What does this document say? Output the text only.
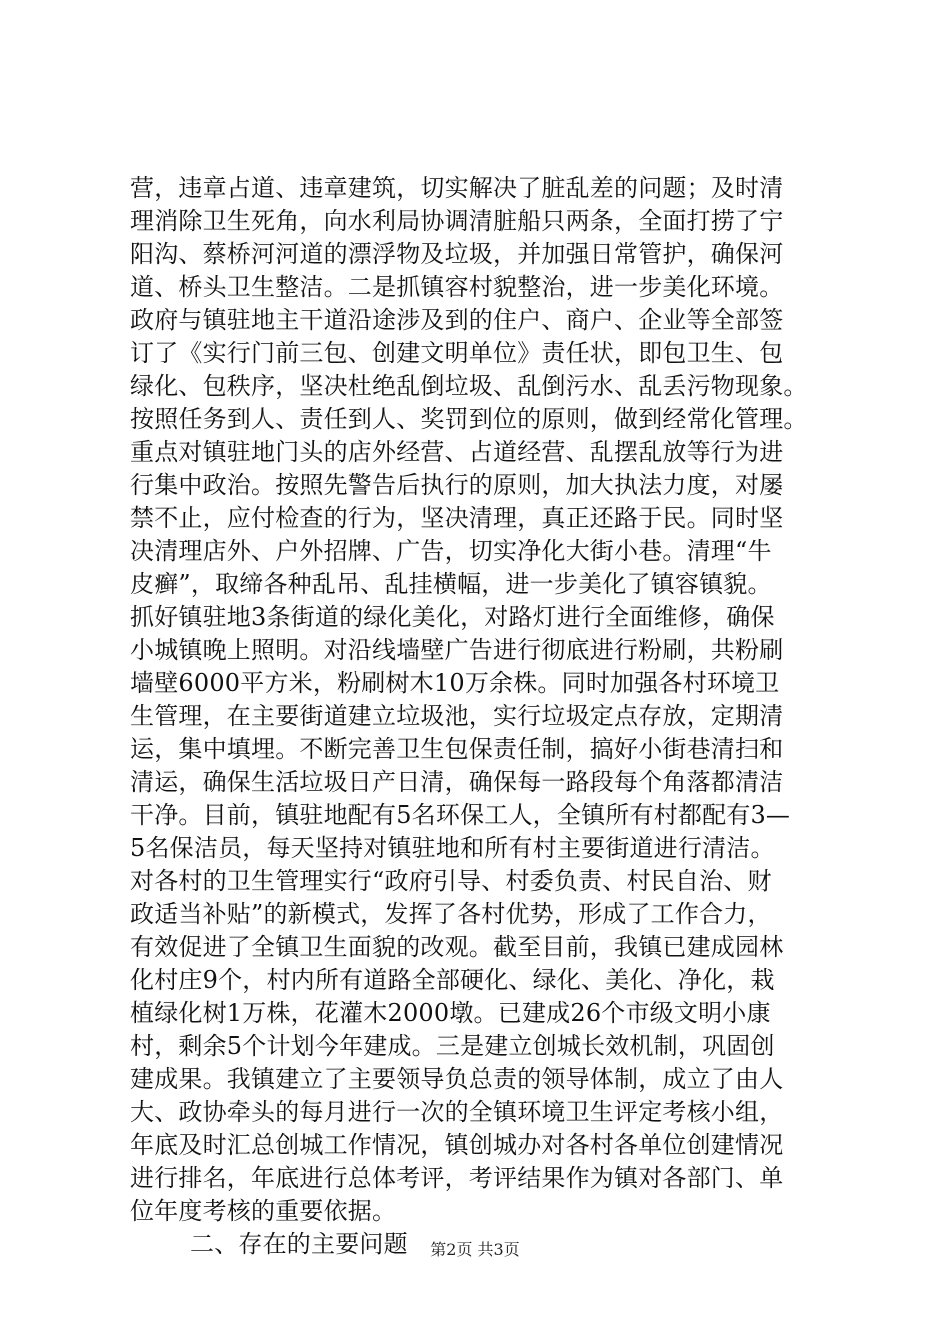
营，违章占道、违章建筑，切实解决了脏乱差的问题；及时清
理消除卫生死角，向水利局协调清脏船只两条，全面打捞了宁
阳沟、蔡桥河河道的漂浮物及垃圾，并加强日常管护，确保河
道、桥头卫生整洁。二是抓镇容村貌整治，进一步美化环境。
政府与镇驻地主干道沿途涉及到的住户、商户、企业等全部签
订了《实行门前三包、创建文明单位》责任状，即包卫生、包
绿化、包秩序，坚决杜绝乱倒垃圾、乱倒污水、乱丢污物现象。
按照任务到人、责任到人、奖罚到位的原则，做到经常化管理。
重点对镇驻地门头的店外经营、占道经营、乱摆乱放等行为进
行集中政治。按照先警告后执行的原则，加大执法力度，对屡
禁不止，应付检查的行为，坚决清理，真正还路于民。同时坚
决清理店外、户外招牌、广告，切实净化大街小巷。清理“牛
皮癣”，取缔各种乱吊、乱挂横幅，进一步美化了镇容镇貌。
抓好镇驻地3条街道的绿化美化，对路灯进行全面维修，确保
小城镇晚上照明。对沿线墙壁广告进行彻底进行粉刷，共粉刷
墙壁6000平方米，粉刷树木10万余株。同时加强各村环境卫
生管理，在主要街道建立垃圾池，实行垃圾定点存放，定期清
运，集中填埋。不断完善卫生包保责任制，搞好小街巷清扫和
清运，确保生活垃圾日产日清，确保每一路段每个角落都清洁
干净。目前，镇驻地配有5名环保工人，全镇所有村都配有3—
5名保洁员，每天坚持对镇驻地和所有村主要街道进行清洁。
对各村的卫生管理实行“政府引导、村委负责、村民自治、财
政适当补贴”的新模式，发挥了各村优势，形成了工作合力，
有效促进了全镇卫生面貌的改观。截至目前，我镇已建成园林
化村庄9个，村内所有道路全部硬化、绿化、美化、净化，栽
植绿化树1万株，花灌木2000墩。已建成26个市级文明小康
村，剩余5个计划今年建成。三是建立创城长效机制，巩固创
建成果。我镇建立了主要领导负总责的领导体制，成立了由人
大、政协牵头的每月进行一次的全镇环境卫生评定考核小组，
年底及时汇总创城工作情况，镇创城办对各村各单位创建情况
进行排名，年底进行总体考评，考评结果作为镇对各部门、单
位年度考核的重要依据。
二、存在的主要问题	第2页 共3页
